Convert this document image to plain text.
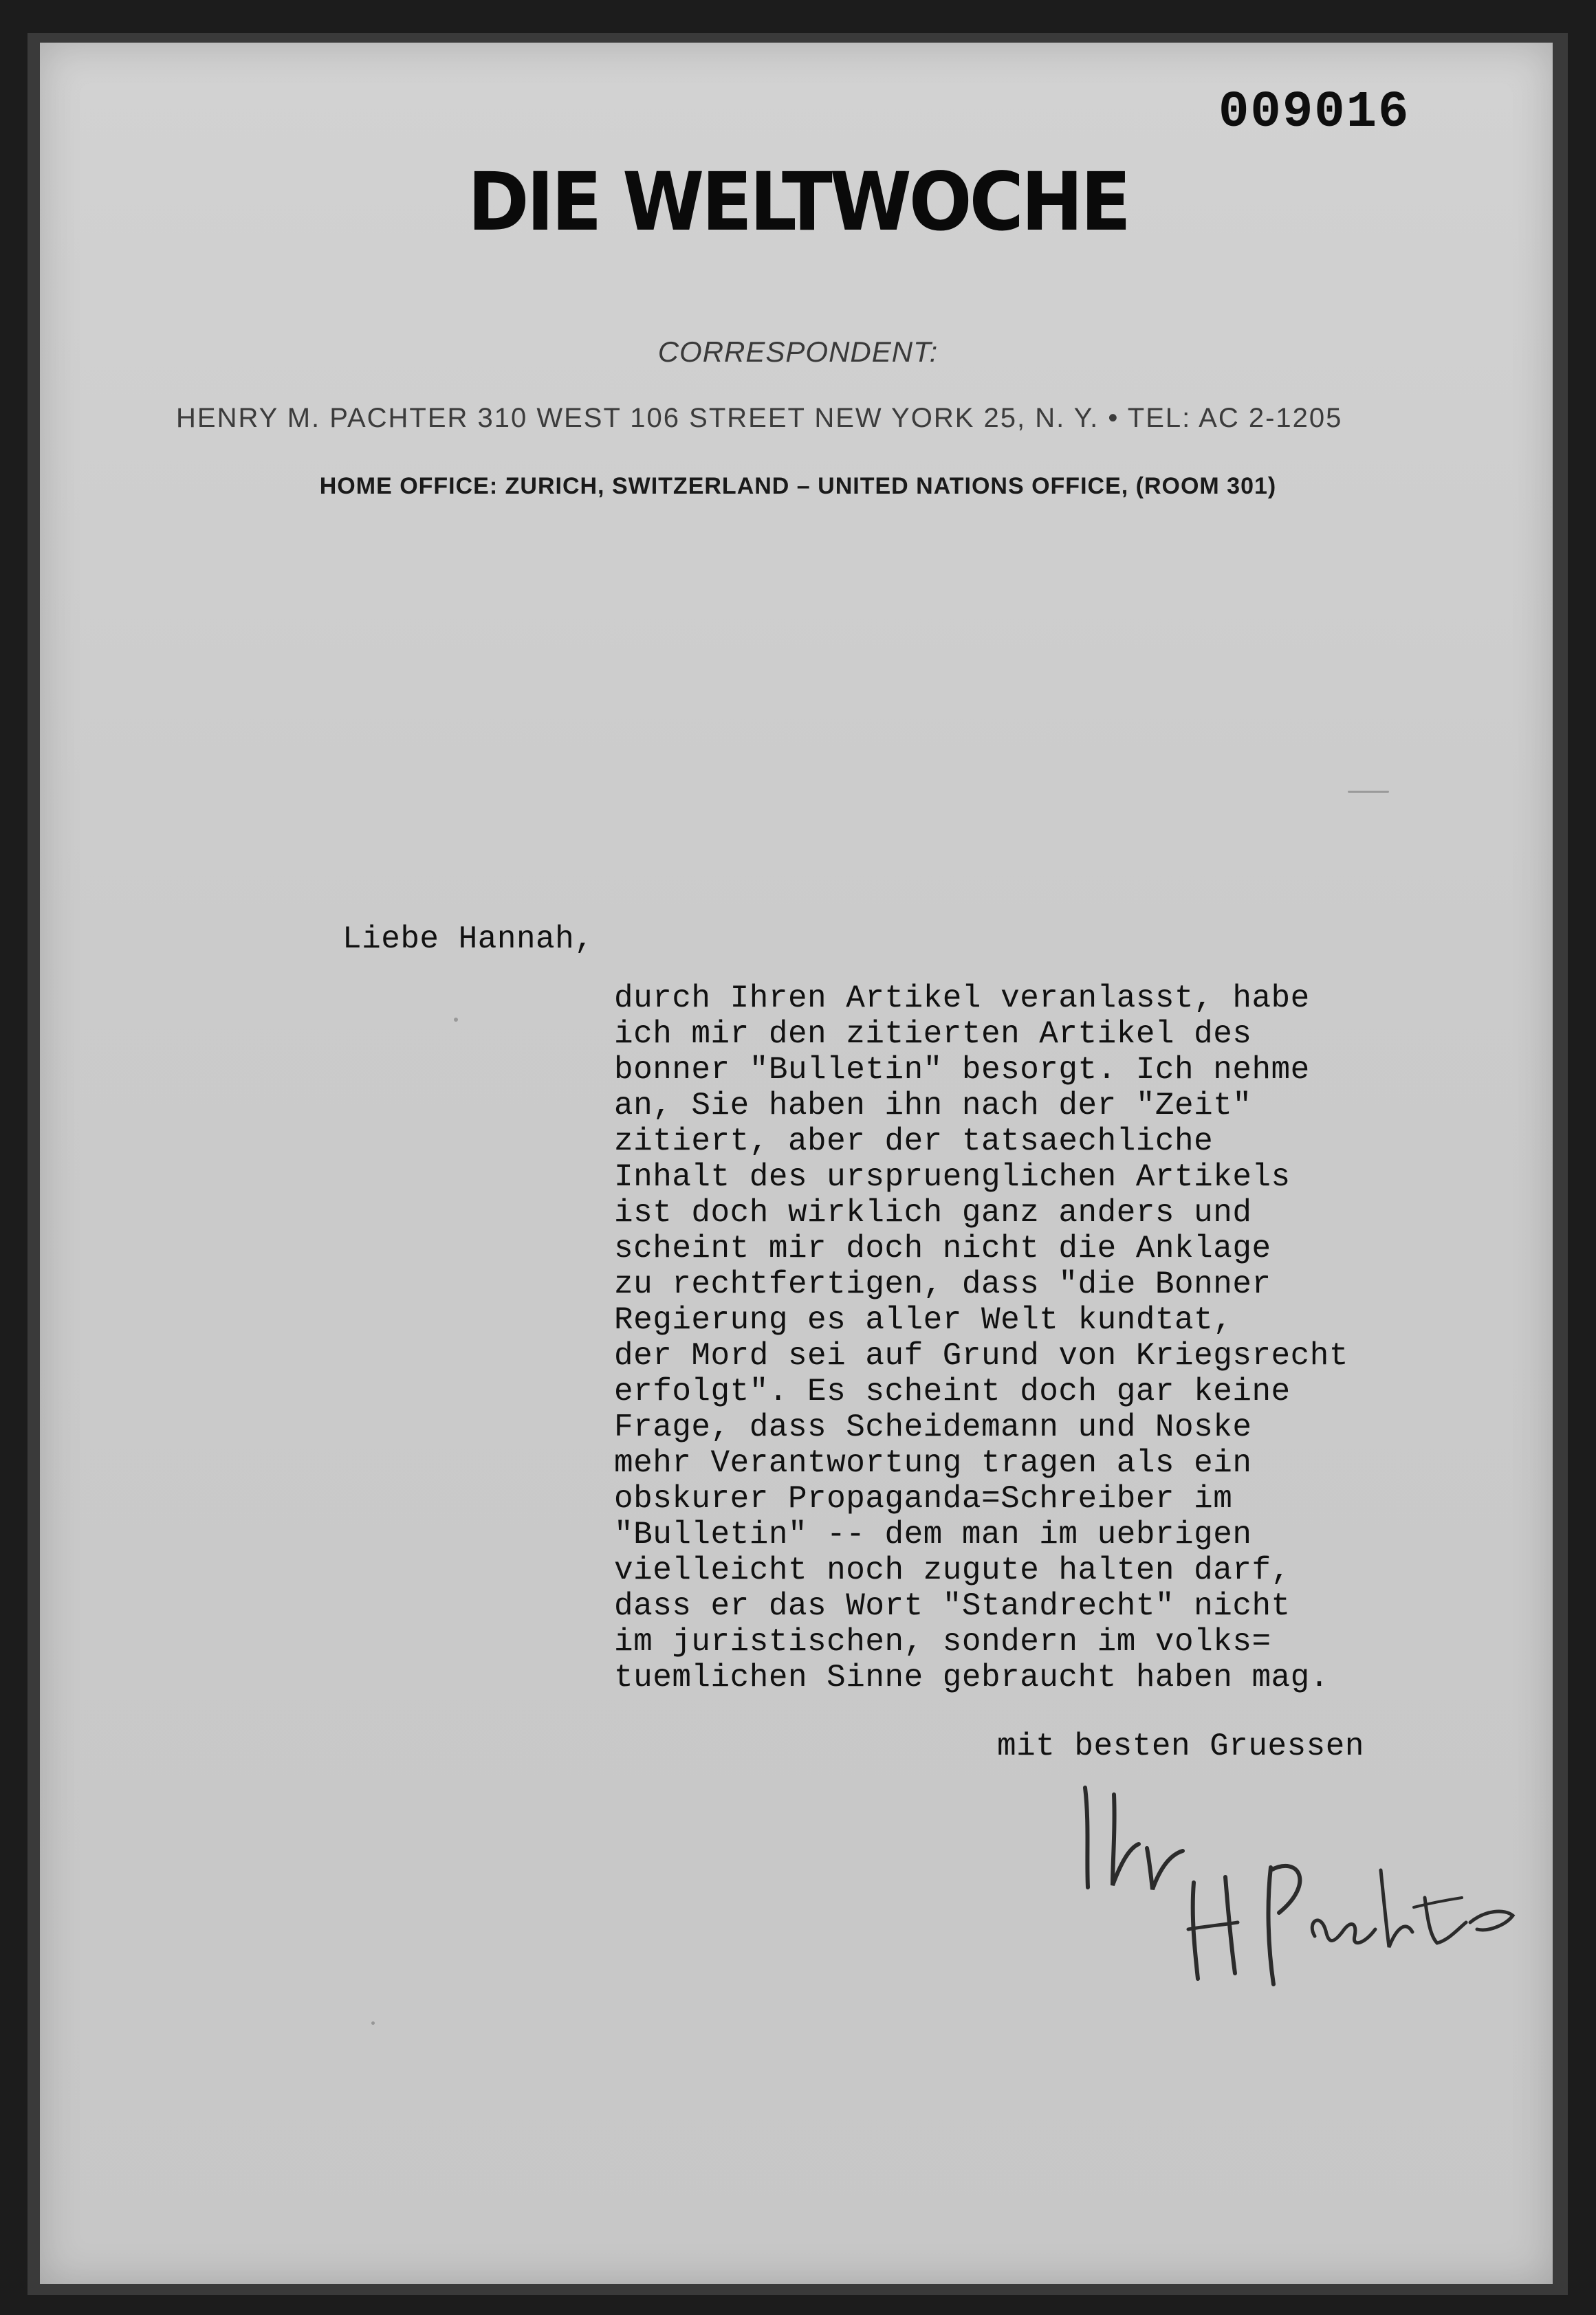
009016
DIE WELTWOCHE
CORRESPONDENT:
HENRY M. PACHTER 310 WEST 106 STREET NEW YORK 25, N. Y. • TEL: AC 2-1205
HOME OFFICE: ZURICH, SWITZERLAND – UNITED NATIONS OFFICE, (ROOM 301)
Liebe Hannah,
durch Ihren Artikel veranlasst, habe
ich mir den zitierten Artikel des
bonner "Bulletin" besorgt. Ich nehme
an, Sie haben ihn nach der "Zeit"
zitiert, aber der tatsaechliche
Inhalt des urspruenglichen Artikels
ist doch wirklich ganz anders und
scheint mir doch nicht die Anklage
zu rechtfertigen, dass "die Bonner
Regierung es aller Welt kundtat,
der Mord sei auf Grund von Kriegsrecht
erfolgt". Es scheint doch gar keine
Frage, dass Scheidemann und Noske
mehr Verantwortung tragen als ein
obskurer Propaganda=Schreiber im
"Bulletin" -- dem man im uebrigen
vielleicht noch zugute halten darf,
dass er das Wort "Standrecht" nicht
im juristischen, sondern im volks=
tuemlichen Sinne gebraucht haben mag.
mit besten Gruessen
